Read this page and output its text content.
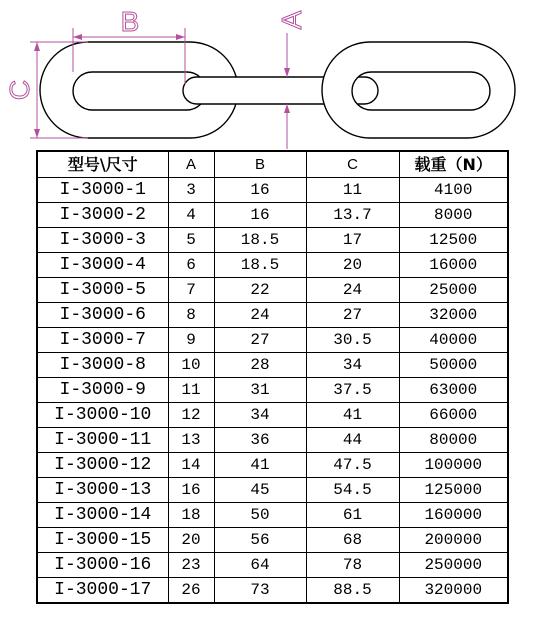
B
C
A
型号\尺寸	A	B	C	载重（N）
I-3000-1	3	16	11	4100
I-3000-2	4	16	13.7	8000
I-3000-3	5	18.5	17	12500
I-3000-4	6	18.5	20	16000
I-3000-5	7	22	24	25000
I-3000-6	8	24	27	32000
I-3000-7	9	27	30.5	40000
I-3000-8	10	28	34	50000
I-3000-9	11	31	37.5	63000
I-3000-10	12	34	41	66000
I-3000-11	13	36	44	80000
I-3000-12	14	41	47.5	100000
I-3000-13	16	45	54.5	125000
I-3000-14	18	50	61	160000
I-3000-15	20	56	68	200000
I-3000-16	23	64	78	250000
I-3000-17	26	73	88.5	320000
